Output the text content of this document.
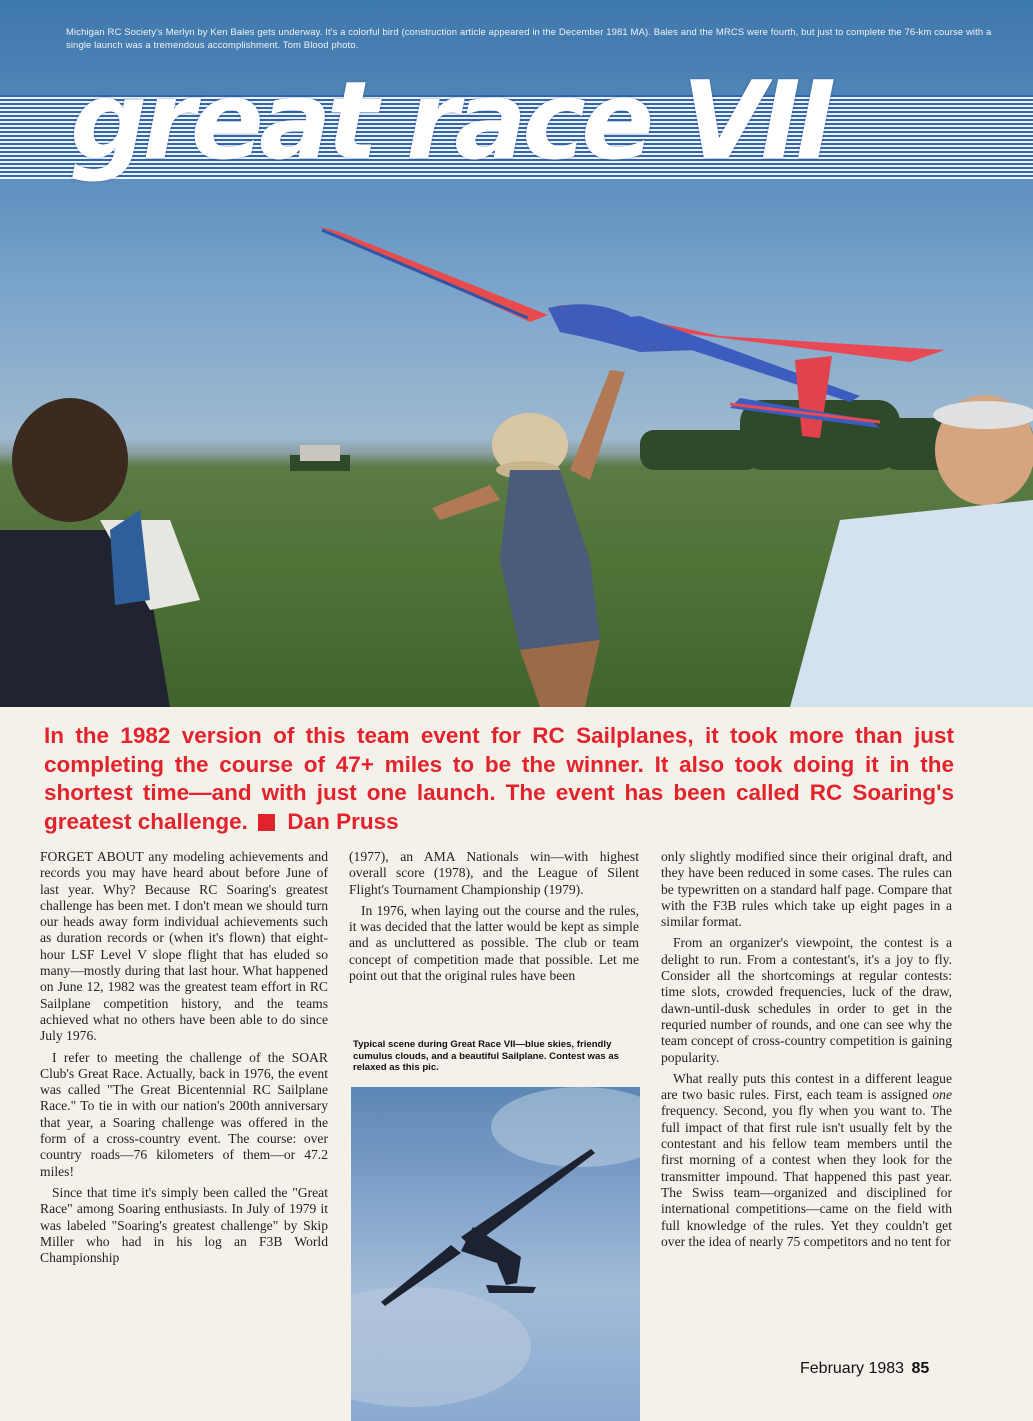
great race VII
Michigan RC Society's Merlyn by Ken Bales gets underway. It's a colorful bird (construction article appeared in the December 1981 MA). Bales and the MRCS were fourth, but just to complete the 76-km course with a single launch was a tremendous accomplishment. Tom Blood photo.
In the 1982 version of this team event for RC Sailplanes, it took more than just completing the course of 47+ miles to be the winner. It also took doing it in the shortest time—and with just one launch. The event has been called RC Soaring's greatest challenge. Dan Pruss

FORGET ABOUT any modeling achievements and records you may have heard about before June of last year. Why? Because RC Soaring's greatest challenge has been met. I don't mean we should turn our heads away form individual achievements such as duration records or (when it's flown) that eight-hour LSF Level V slope flight that has eluded so many—mostly during that last hour. What happened on June 12, 1982 was the greatest team effort in RC Sailplane competition history, and the teams achieved what no others have been able to do since July 1976.

I refer to meeting the challenge of the SOAR Club's Great Race. Actually, back in 1976, the event was called "The Great Bicentennial RC Sailplane Race." To tie in with our nation's 200th anniversary that year, a Soaring challenge was offered in the form of a cross-country event. The course: over country roads—76 kilometers of them—or 47.2 miles!

Since that time it's simply been called the "Great Race" among Soaring enthusiasts. In July of 1979 it was labeled "Soaring's greatest challenge" by Skip Miller who had in his log an F3B World Championship

(1977), an AMA Nationals win—with highest overall score (1978), and the League of Silent Flight's Tournament Championship (1979).

In 1976, when laying out the course and the rules, it was decided that the latter would be kept as simple and as uncluttered as possible. The club or team concept of competition made that possible. Let me point out that the original rules have been

Typical scene during Great Race VII—blue skies, friendly cumulus clouds, and a beautiful Sailplane. Contest was as relaxed as this pic.

only slightly modified since their original draft, and they have been reduced in some cases. The rules can be typewritten on a standard half page. Compare that with the F3B rules which take up eight pages in a similar format.

From an organizer's viewpoint, the contest is a delight to run. From a contestant's, it's a joy to fly. Consider all the shortcomings at regular contests: time slots, crowded frequencies, luck of the draw, dawn-until-dusk schedules in order to get in the requried number of rounds, and one can see why the team concept of cross-country competition is gaining popularity.

What really puts this contest in a different league are two basic rules. First, each team is assigned one frequency. Second, you fly when you want to. The full impact of that first rule isn't usually felt by the contestant and his fellow team members until the first morning of a contest when they look for the transmitter impound. That happened this past year. The Swiss team—organized and disciplined for international competitions—came on the field with full knowledge of the rules. Yet they couldn't get over the idea of nearly 75 competitors and no tent for

February 1983 85
